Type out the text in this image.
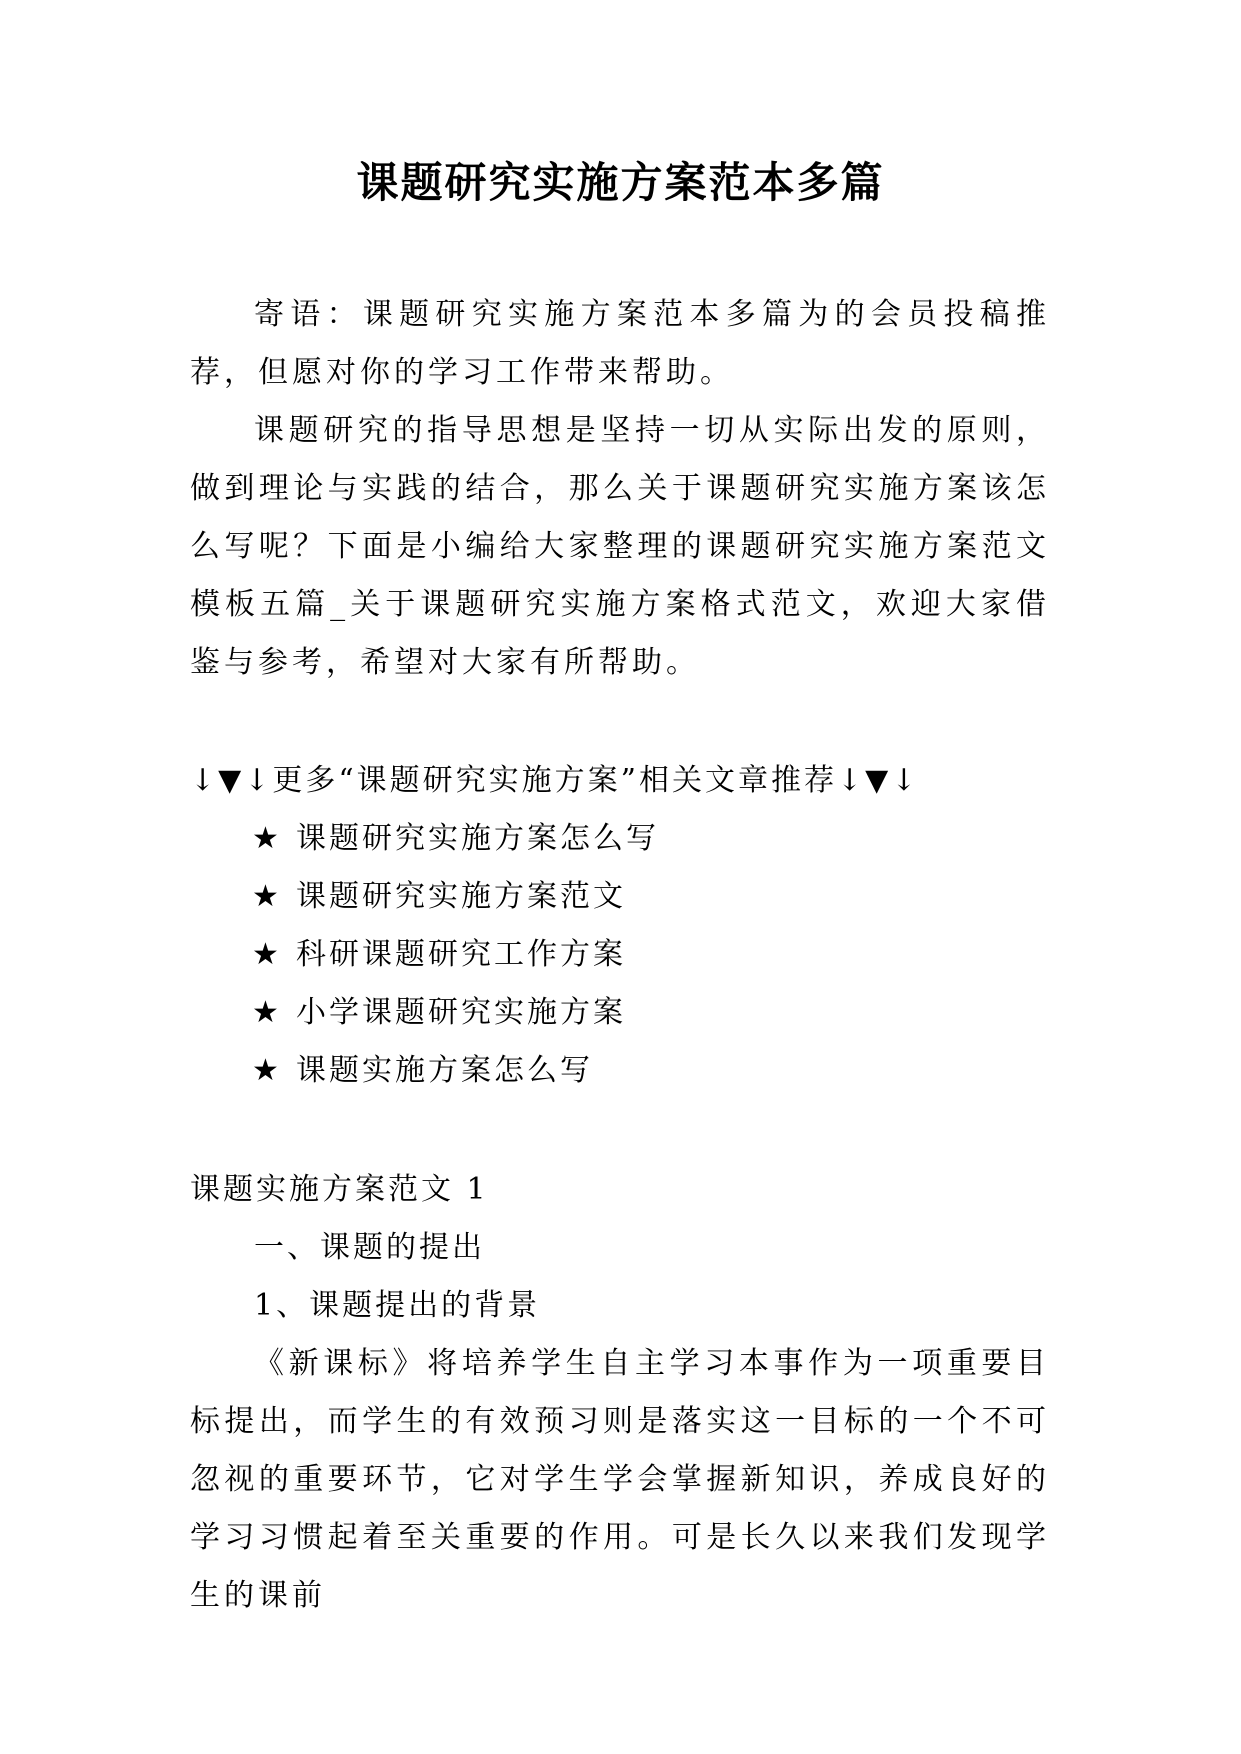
课题研究实施方案范本多篇

寄语：课题研究实施方案范本多篇为的会员投稿推荐，但愿对你的学习工作带来帮助。

课题研究的指导思想是坚持一切从实际出发的原则，做到理论与实践的结合，那么关于课题研究实施方案该怎么写呢？下面是小编给大家整理的课题研究实施方案范文模板五篇_关于课题研究实施方案格式范文，欢迎大家借鉴与参考，希望对大家有所帮助。

↓▼↓更多“课题研究实施方案”相关文章推荐↓▼↓
★ 课题研究实施方案怎么写
★ 课题研究实施方案范文
★ 科研课题研究工作方案
★ 小学课题研究实施方案
★ 课题实施方案怎么写
课题实施方案范文 1
一、课题的提出
1、课题提出的背景

《新课标》将培养学生自主学习本事作为一项重要目标提出，而学生的有效预习则是落实这一目标的一个不可忽视的重要环节，它对学生学会掌握新知识，养成良好的学习习惯起着至关重要的作用。可是长久以来我们发现学生的课前
